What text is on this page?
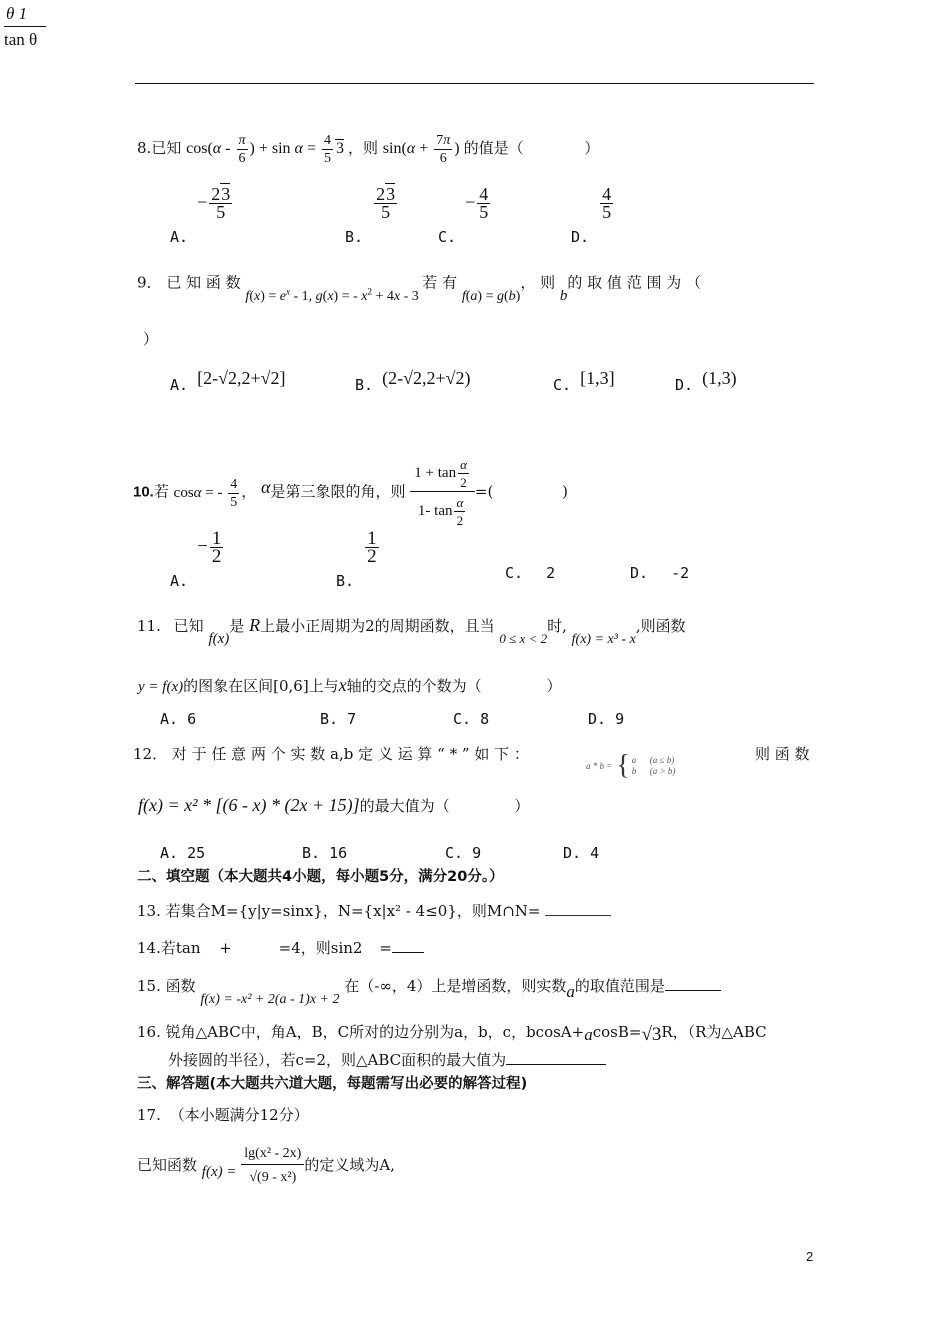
$\frac{\theta 1}{\text{tan θ}}$
8.已知 $\cos(\alpha - \frac{\pi}{6}$ ) + $\sin \alpha = \frac{4}{5} 3$ ，则 $\sin(\alpha + \frac{7\pi}{6}$ ) 的值是（	）
A. − $\frac{23}{5}$
B.
$\frac{23}{5}$
C. − $\frac{4}{5}$
D.
$\frac{4}{5}$
9． 已 知 函 数 $f(x) = e^x - 1$, g(x) = - $x^2 + 4x - 3$ 若 有 f(a) = g(b)， 则 b的 取 值 范 围 为 （
）
A. [2-√2,2+√2]	B. (2-√2,2+√2)	C. [1,3]	D. (1,3)
10.若 cosα = - $\frac{4}{5}$ ， α是第三象限的角，则 $\frac{1 + \tan \frac{\alpha}{2}}{1- \tan \frac{\alpha}{2}}$ =(	)
A. − $\frac{1}{2}$
B.
$\frac{1}{2}$
C. 2	D. -2
11. 已知 f(x)是 R上最小正周期为2的周期函数，且当 0 ≤ x < 2时, f(x) = x³ - x,则函数
y = f(x)的图象在区间[0,6]上与x轴的交点的个数为（	）
A. 6	B. 7	C. 8	D. 9
12． 对 于 任 意 两 个 实 数 a,b 定 义 运 算 “ * ” 如 下 ：
a * b = { a      (a ≤ b)
b      (a > b)
则 函 数
f(x) = x² * [(6 - x) * (2x + 15)]的最大值为（	）
A. 25	B. 16	C. 9	D. 4
二、填空题（本大题共4小题，每小题5分，满分20分。）
13. 若集合M={y|y=sinx}，N={x|x² - 4≤0}，则M∩N=
14.若tan +	=4，则sin2 =
15. 函数 f(x) = -x² + 2(a - 1)x + 2 在（-∞，4）上是增函数，则实数a的取值范围是
16. 锐角△ABC中，角A，B，C所对的边分别为a，b，c，bcosA+acosB=√3R，（R为△ABC
外接圆的半径），若c=2，则△ABC面积的最大值为
三、解答题(本大题共六道大题，每题需写出必要的解答过程)
17. （本小题满分12分）
已知函数 $f(x) = \frac{\text{lg(x² - 2x)}}{\text{√(9 - x²)}}$ 的定义域为A,
2
